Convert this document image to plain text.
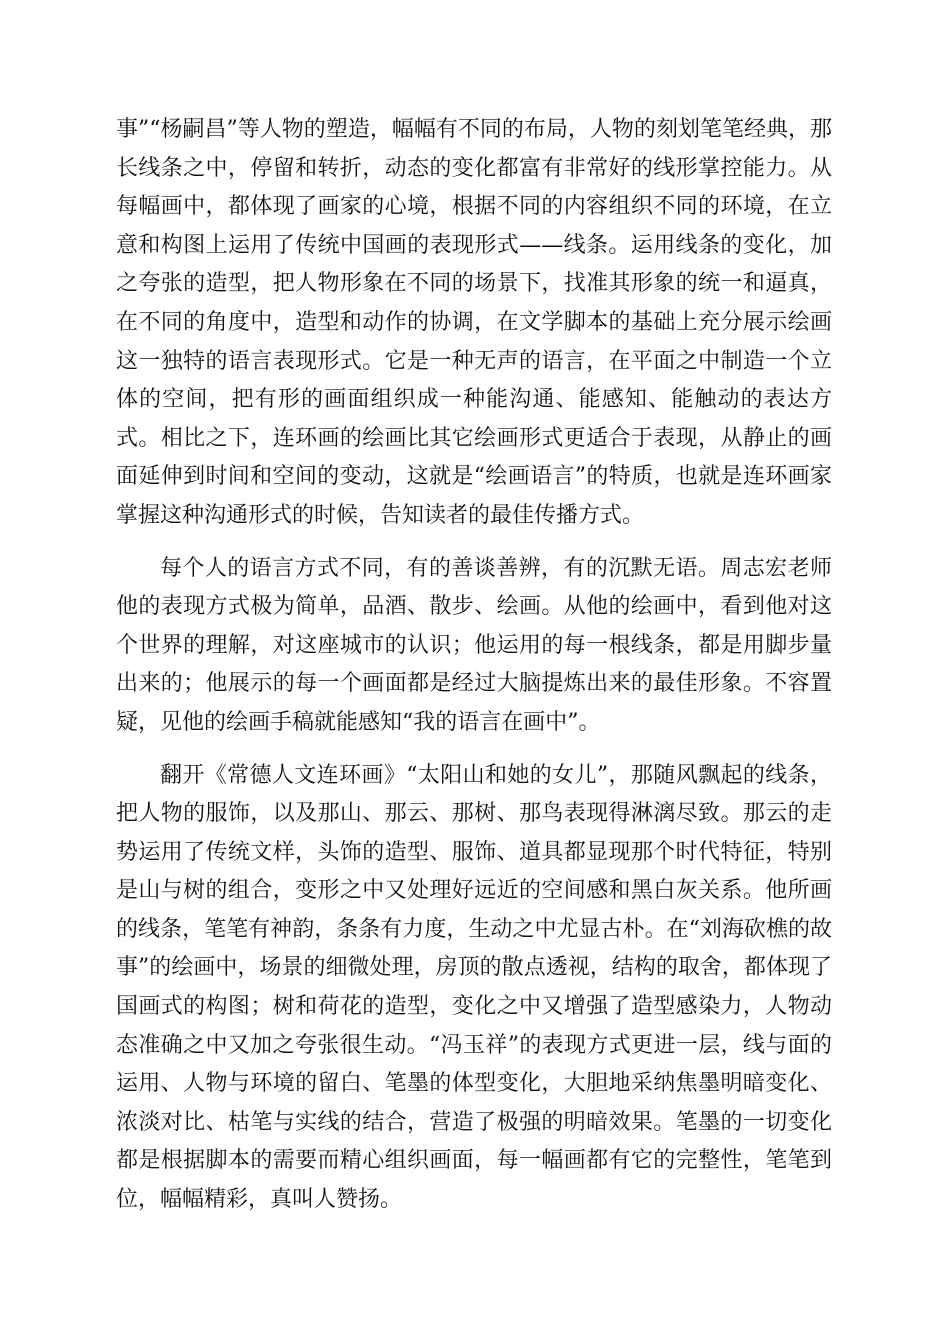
事”“杨嗣昌”等人物的塑造，幅幅有不同的布局，人物的刻划笔笔经典，那长线条之中，停留和转折，动态的变化都富有非常好的线形掌控能力。从每幅画中，都体现了画家的心境，根据不同的内容组织不同的环境，在立意和构图上运用了传统中国画的表现形式——线条。运用线条的变化，加之夸张的造型，把人物形象在不同的场景下，找准其形象的统一和逼真，在不同的角度中，造型和动作的协调，在文学脚本的基础上充分展示绘画这一独特的语言表现形式。它是一种无声的语言，在平面之中制造一个立体的空间，把有形的画面组织成一种能沟通、能感知、能触动的表达方式。相比之下，连环画的绘画比其它绘画形式更适合于表现，从静止的画面延伸到时间和空间的变动，这就是“绘画语言”的特质，也就是连环画家掌握这种沟通形式的时候，告知读者的最佳传播方式。

每个人的语言方式不同，有的善谈善辨，有的沉默无语。周志宏老师他的表现方式极为简单，品酒、散步、绘画。从他的绘画中，看到他对这个世界的理解，对这座城市的认识；他运用的每一根线条，都是用脚步量出来的；他展示的每一个画面都是经过大脑提炼出来的最佳形象。不容置疑，见他的绘画手稿就能感知“我的语言在画中”。

翻开《常德人文连环画》“太阳山和她的女儿”，那随风飘起的线条，把人物的服饰，以及那山、那云、那树、那鸟表现得淋漓尽致。那云的走势运用了传统文样，头饰的造型、服饰、道具都显现那个时代特征，特别是山与树的组合，变形之中又处理好远近的空间感和黑白灰关系。他所画的线条，笔笔有神韵，条条有力度，生动之中尤显古朴。在“刘海砍樵的故事”的绘画中，场景的细微处理，房顶的散点透视，结构的取舍，都体现了国画式的构图；树和荷花的造型，变化之中又增强了造型感染力，人物动态准确之中又加之夸张很生动。“冯玉祥”的表现方式更进一层，线与面的运用、人物与环境的留白、笔墨的体型变化，大胆地采纳焦墨明暗变化、浓淡对比、枯笔与实线的结合，营造了极强的明暗效果。笔墨的一切变化都是根据脚本的需要而精心组织画面，每一幅画都有它的完整性，笔笔到位，幅幅精彩，真叫人赞扬。
